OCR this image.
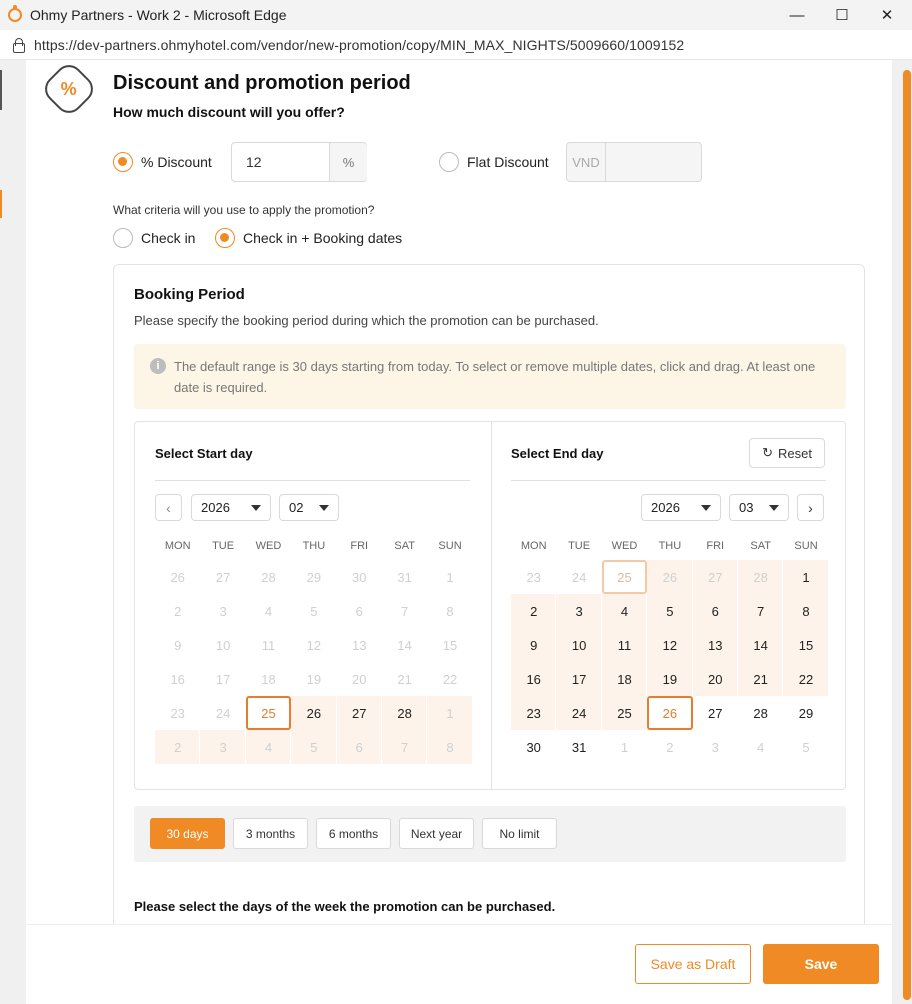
Ohmy Partners - Work 2 - Microsoft Edge	—	☐	✕
https://dev-partners.ohmyhotel.com/vendor/new-promotion/copy/MIN_MAX_NIGHTS/5009660/1009152
% Discount and promotion period
How much discount will you offer?
% Discount 12	%	Flat Discount	VND
What criteria will you use to apply the promotion?
Check in	Check in + Booking dates
Booking Period
Please specify the booking period during which the promotion can be purchased.
i	The default range is 30 days starting from today. To select or remove multiple dates, click and drag. At least one date is required.
Select Start day
‹	2026	02
MON	TUE	WED	THU	FRI	SAT	SUN
26	27	28	29	30	31	1
2	3	4	5	6	7	8
9	10	11	12	13	14	15
16	17	18	19	20	21	22
23	24	25	26	27	28	1
2	3	4	5	6	7	8
Select End day	↻ Reset
2026	03	›
MON	TUE	WED	THU	FRI	SAT	SUN
23	24	25	26	27	28	1
2	3	4	5	6	7	8
9	10	11	12	13	14	15
16	17	18	19	20	21	22
23	24	25	26	27	28	29
30	31	1	2	3	4	5
30 days	3 months	6 months	Next year	No limit
Please select the days of the week the promotion can be purchased.
Save as Draft	Save
